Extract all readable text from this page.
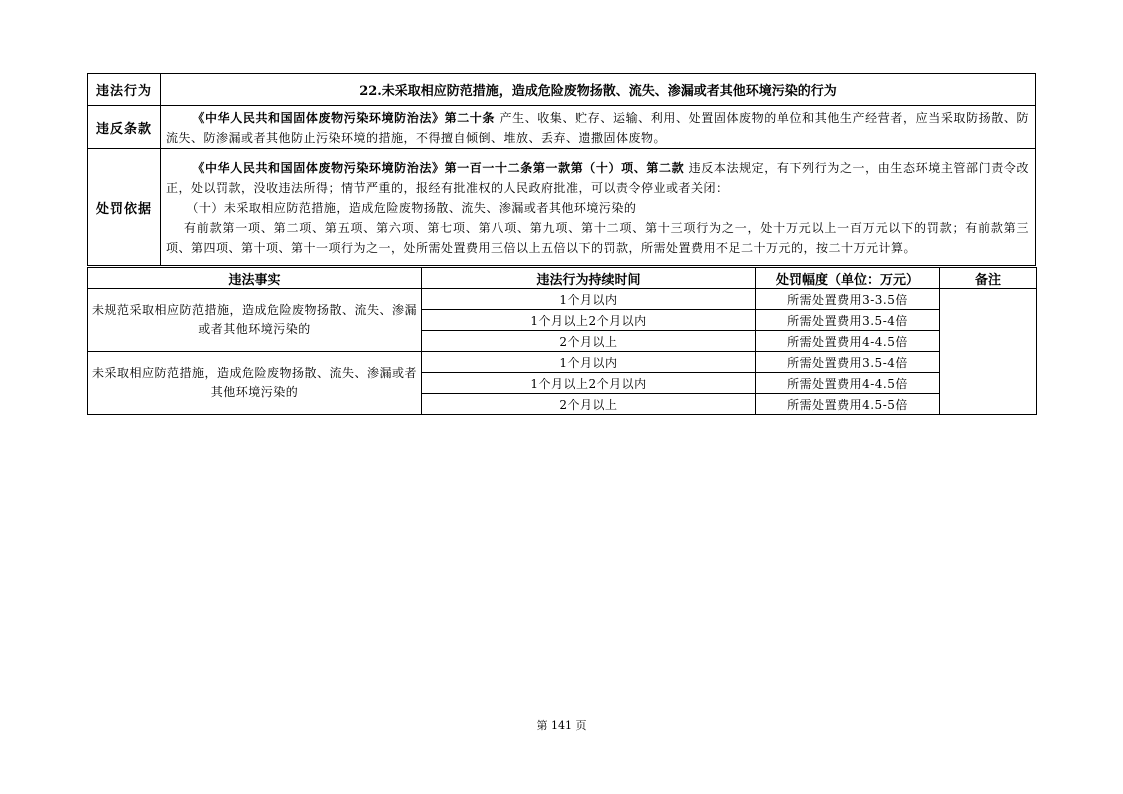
违法行为	22.未采取相应防范措施，造成危险废物扬散、流失、渗漏或者其他环境污染的行为
违反条款	《中华人民共和国固体废物污染环境防治法》第二十条 产生、收集、贮存、运输、利用、处置固体废物的单位和其他生产经营者，应当采取防扬散、防流失、防渗漏或者其他防止污染环境的措施，不得擅自倾倒、堆放、丢弃、遗撒固体废物。

处罚依据	《中华人民共和国固体废物污染环境防治法》第一百一十二条第一款第（十）项、第二款 违反本法规定，有下列行为之一，由生态环境主管部门责令改正，处以罚款，没收违法所得；情节严重的，报经有批准权的人民政府批准，可以责令停业或者关闭：
（十）未采取相应防范措施，造成危险废物扬散、流失、渗漏或者其他环境污染的
有前款第一项、第二项、第五项、第六项、第七项、第八项、第九项、第十二项、第十三项行为之一，处十万元以上一百万元以下的罚款；有前款第三项、第四项、第十项、第十一项行为之一，处所需处置费用三倍以上五倍以下的罚款，所需处置费用不足二十万元的，按二十万元计算。
违法事实	违法行为持续时间	处罚幅度（单位：万元）	备注
未规范采取相应防范措施，造成危险废物扬散、流失、渗漏或者其他环境污染的	1个月以内	所需处置费用3-3.5倍	
	1个月以上2个月以内	所需处置费用3.5-4倍	
	2个月以上	所需处置费用4-4.5倍	
未采取相应防范措施，造成危险废物扬散、流失、渗漏或者其他环境污染的	1个月以内	所需处置费用3.5-4倍	
	1个月以上2个月以内	所需处置费用4-4.5倍	
	2个月以上	所需处置费用4.5-5倍	
第 141 页
